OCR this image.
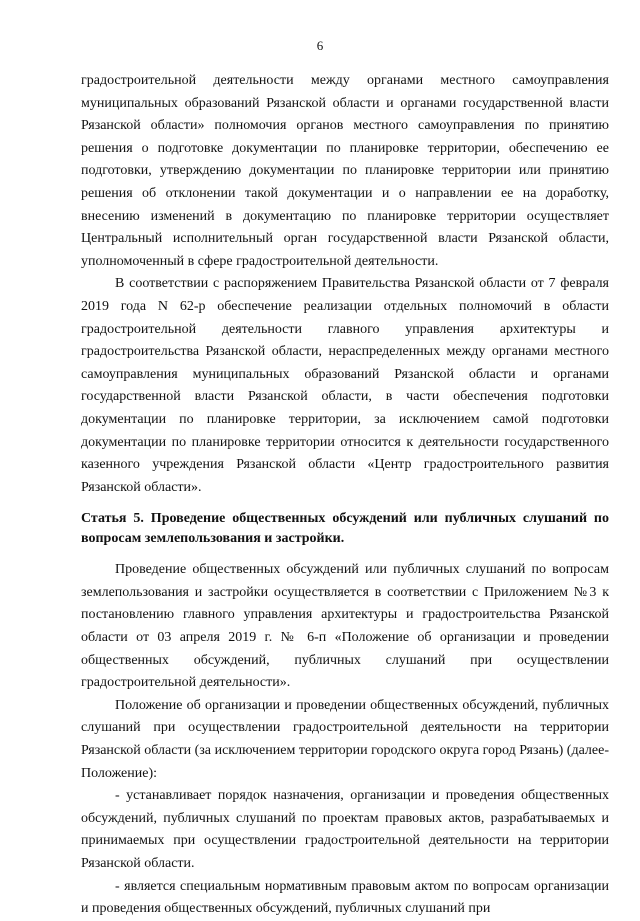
6

градостроительной деятельности между органами местного самоуправления муниципальных образований Рязанской области и органами государственной власти Рязанской области» полномочия органов местного самоуправления по принятию решения о подготовке документации по планировке территории, обеспечению ее подготовки, утверждению документации по планировке территории или принятию решения об отклонении такой документации и о направлении ее на доработку, внесению изменений в документацию по планировке территории осуществляет Центральный исполнительный орган государственной власти Рязанской области, уполномоченный в сфере градостроительной деятельности.

В соответствии с распоряжением Правительства Рязанской области от 7 февраля 2019 года N 62-р обеспечение реализации отдельных полномочий в области градостроительной деятельности главного управления архитектуры и градостроительства Рязанской области, нераспределенных между органами местного самоуправления муниципальных образований Рязанской области и органами государственной власти Рязанской области, в части обеспечения подготовки документации по планировке территории, за исключением самой подготовки документации по планировке территории относится к деятельности государственного казенного учреждения Рязанской области «Центр градостроительного развития Рязанской области».

Статья 5. Проведение общественных обсуждений или публичных слушаний по вопросам землепользования и застройки.

Проведение общественных обсуждений или публичных слушаний по вопросам землепользования и застройки осуществляется в соответствии с Приложением №3 к постановлению главного управления архитектуры и градостроительства Рязанской области от 03 апреля 2019 г. № 6-п «Положение об организации и проведении общественных обсуждений, публичных слушаний при осуществлении градостроительной деятельности».

Положение об организации и проведении общественных обсуждений, публичных слушаний при осуществлении градостроительной деятельности на территории Рязанской области (за исключением территории городского округа город Рязань) (далее-Положение):

- устанавливает порядок назначения, организации и проведения общественных обсуждений, публичных слушаний по проектам правовых актов, разрабатываемых и принимаемых при осуществлении градостроительной деятельности на территории Рязанской области.

- является специальным нормативным правовым актом по вопросам организации и проведения общественных обсуждений, публичных слушаний при
